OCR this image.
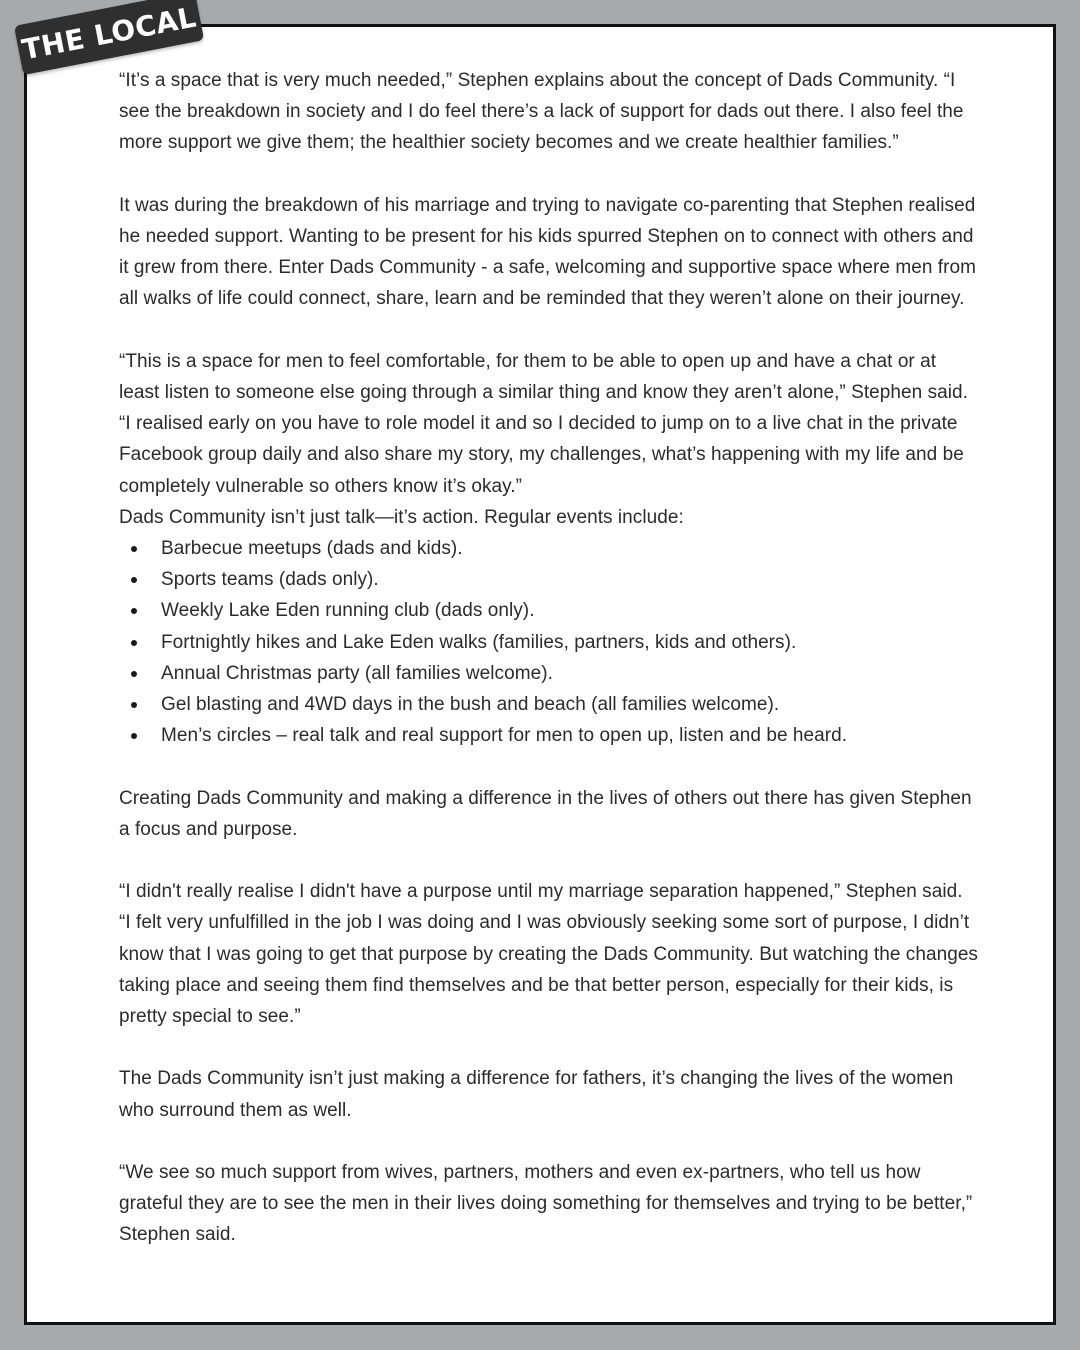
“It’s a space that is very much needed,” Stephen explains about the concept of Dads Community. “I see the breakdown in society and I do feel there’s a lack of support for dads out there. I also feel the more support we give them; the healthier society becomes and we create healthier families.”

It was during the breakdown of his marriage and trying to navigate co-parenting that Stephen realised he needed support. Wanting to be present for his kids spurred Stephen on to connect with others and it grew from there. Enter Dads Community - a safe, welcoming and supportive space where men from all walks of life could connect, share, learn and be reminded that they weren’t alone on their journey.

“This is a space for men to feel comfortable, for them to be able to open up and have a chat or at least listen to someone else going through a similar thing and know they aren’t alone,” Stephen said. “I realised early on you have to role model it and so I decided to jump on to a live chat in the private Facebook group daily and also share my story, my challenges, what’s happening with my life and be completely vulnerable so others know it’s okay.”

Dads Community isn’t just talk—it’s action. Regular events include:

Barbecue meetups (dads and kids).
Sports teams (dads only).
Weekly Lake Eden running club (dads only).
Fortnightly hikes and Lake Eden walks (families, partners, kids and others).
Annual Christmas party (all families welcome).
Gel blasting and 4WD days in the bush and beach (all families welcome).
Men’s circles – real talk and real support for men to open up, listen and be heard.

Creating Dads Community and making a difference in the lives of others out there has given Stephen a focus and purpose.

“I didn't really realise I didn't have a purpose until my marriage separation happened,” Stephen said. “I felt very unfulfilled in the job I was doing and I was obviously seeking some sort of purpose, I didn’t know that I was going to get that purpose by creating the Dads Community. But watching the changes taking place and seeing them find themselves and be that better person, especially for their kids, is pretty special to see.”

The Dads Community isn’t just making a difference for fathers, it’s changing the lives of the women who surround them as well.

“We see so much support from wives, partners, mothers and even ex-partners, who tell us how grateful they are to see the men in their lives doing something for themselves and trying to be better,” Stephen said.

THE LOCAL
